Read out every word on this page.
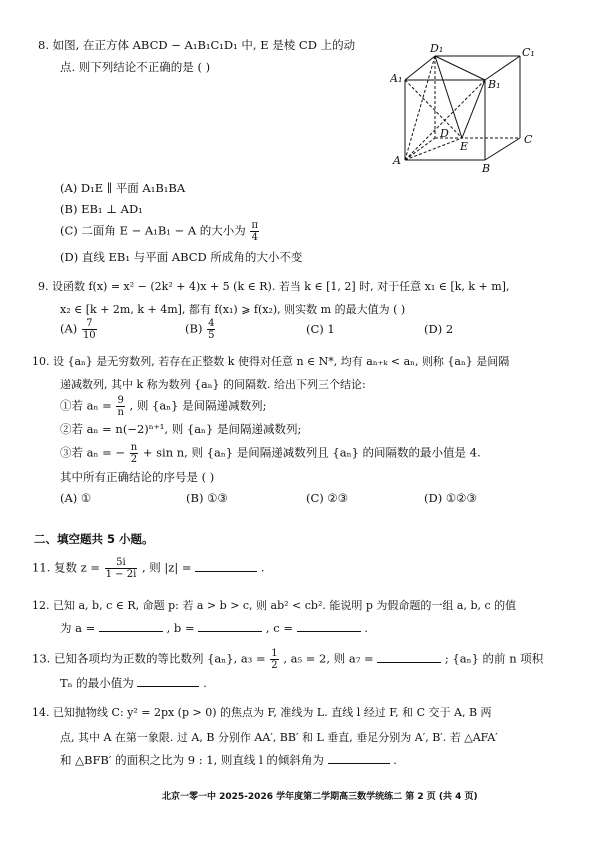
8. 如图, 在正方体 ABCD − A₁B₁C₁D₁ 中, E 是棱 CD 上的动
点. 则下列结论不正确的是 ( )
D₁	C₁
A₁	B₁
D
E
C
A
B
(A) D₁E ∥ 平面 A₁B₁BA
(B) EB₁ ⊥ AD₁
(C) 二面角 E − A₁B₁ − A 的大小为 $\frac{\pi}{4}$
(D) 直线 EB₁ 与平面 ABCD 所成角的大小不变
9. 设函数 f(x) = x² − (2k² + 4)x + 5 (k ∈ R). 若当 k ∈ [1, 2] 时, 对于任意 x₁ ∈ [k, k + m],
x₂ ∈ [k + 2m, k + 4m], 都有 f(x₁) ⩾ f(x₂), 则实数 m 的最大值为 ( )
$(A) \frac{7}{10}$	$(B) \frac{4}{5}$	(C) 1	(D) 2
10. 设 {aₙ} 是无穷数列, 若存在正整数 k 使得对任意 n ∈ N*, 均有 aₙ₊ₖ < aₙ, 则称 {aₙ} 是间隔
递减数列, 其中 k 称为数列 {aₙ} 的间隔数. 给出下列三个结论:
①若 $a_n = \frac{9}{n}$ , 则 {aₙ} 是间隔递减数列;
②若 aₙ = n(−2)ⁿ⁺¹, 则 {aₙ} 是间隔递减数列;
③若 aₙ = − $\frac{n}{2} + \sin n$, 则 {aₙ} 是间隔递减数列且 {aₙ} 的间隔数的最小值是 4.
其中所有正确结论的序号是 ( )
(A) ①	(B) ①③	(C) ②③	(D) ①②③
二、填空题共 5 小题。
11. 复数 $z = \frac{5i}{1 - 2i}$ , 则 |z| =	.
12. 已知 a, b, c ∈ R, 命题 p: 若 a > b > c, 则 ab² < cb². 能说明 p 为假命题的一组 a, b, c 的值
为 a =	, b =	, c =	.
13. 已知各项均为正数的等比数列 {aₙ}, $a_3 = \frac{1}{2}$ , a₅ = 2, 则 a₇ =	; {aₙ} 的前 n 项积
Tₙ 的最小值为	.
14. 已知抛物线 C: y² = 2px (p > 0) 的焦点为 F, 准线为 L. 直线 l 经过 F, 和 C 交于 A, B 两
点, 其中 A 在第一象限. 过 A, B 分别作 AA′, BB′ 和 L 垂直, 垂足分别为 A′, B′. 若 △AFA′
和 △BFB′ 的面积之比为 9 : 1, 则直线 l 的倾斜角为	.
北京一零一中 2025-2026 学年度第二学期高三数学统练二 第 2 页 (共 4 页)
